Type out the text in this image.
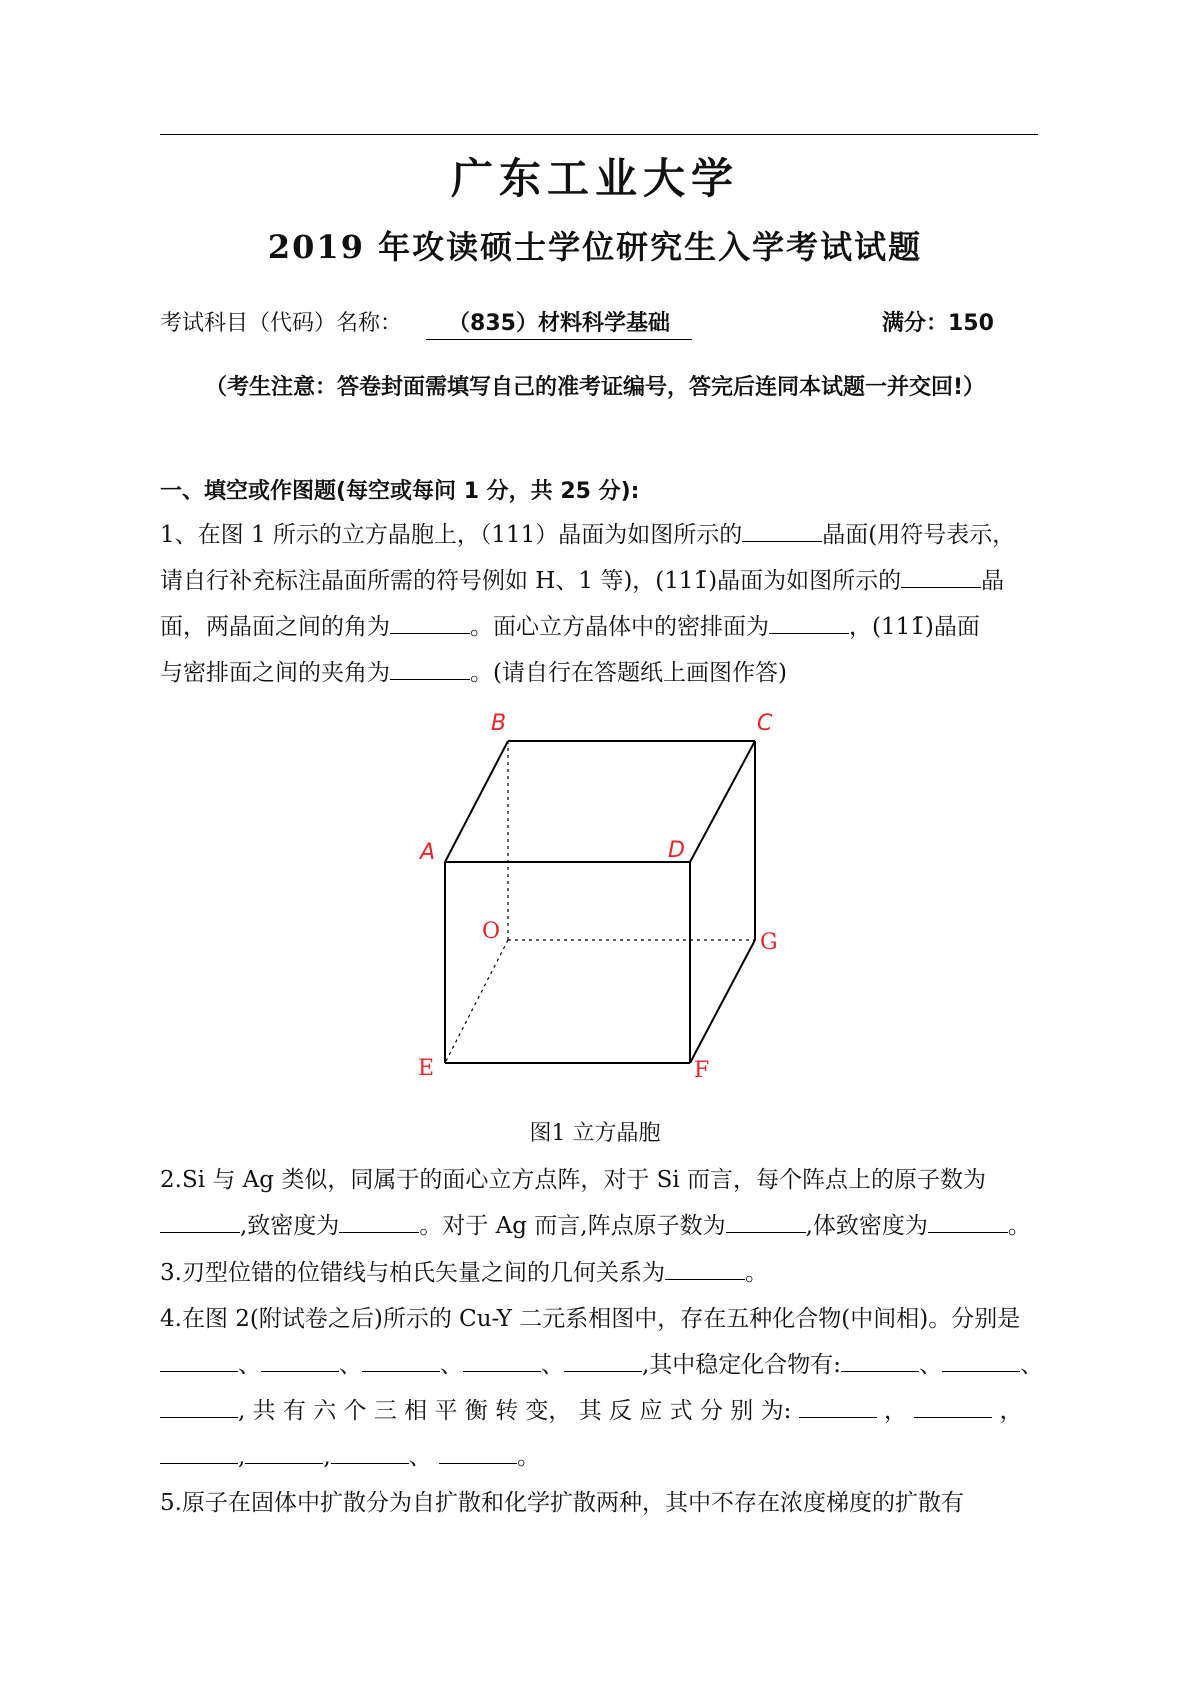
广东工业大学
2019 年攻读硕士学位研究生入学考试试题
考试科目（代码）名称：	（835）材料科学基础	满分：150
（考生注意：答卷封面需填写自己的准考证编号，答完后连同本试题一并交回!）
一、填空或作图题(每空或每问 1 分，共 25 分):
1、在图 1 所示的立方晶胞上，（111）晶面为如图所示的	晶面(用符号表示，
请自行补充标注晶面所需的符号例如 H、1 等)，(111̄)晶面为如图所示的	晶
面，两晶面之间的角为	。面心立方晶体中的密排面为	，(111̄)晶面
与密排面之间的夹角为	。(请自行在答题纸上画图作答)
B	C
A	D
O	G
E	F
图1 立方晶胞
2.Si 与 Ag 类似，同属于的面心立方点阵，对于 Si 而言，每个阵点上的原子数为
,致密度为	。对于 Ag 而言,阵点原子数为	,体致密度为	。
3.刃型位错的位错线与柏氏矢量之间的几何关系为	。
4.在图 2(附试卷之后)所示的 Cu-Y 二元系相图中，存在五种化合物(中间相)。分别是
、	、	、	、	,其中稳定化合物有:	、	、
, 共 有 六 个 三 相 平 衡 转 变， 其 反 应 式 分 别 为:	，	，
,	,	、	。
5.原子在固体中扩散分为自扩散和化学扩散两种，其中不存在浓度梯度的扩散有
